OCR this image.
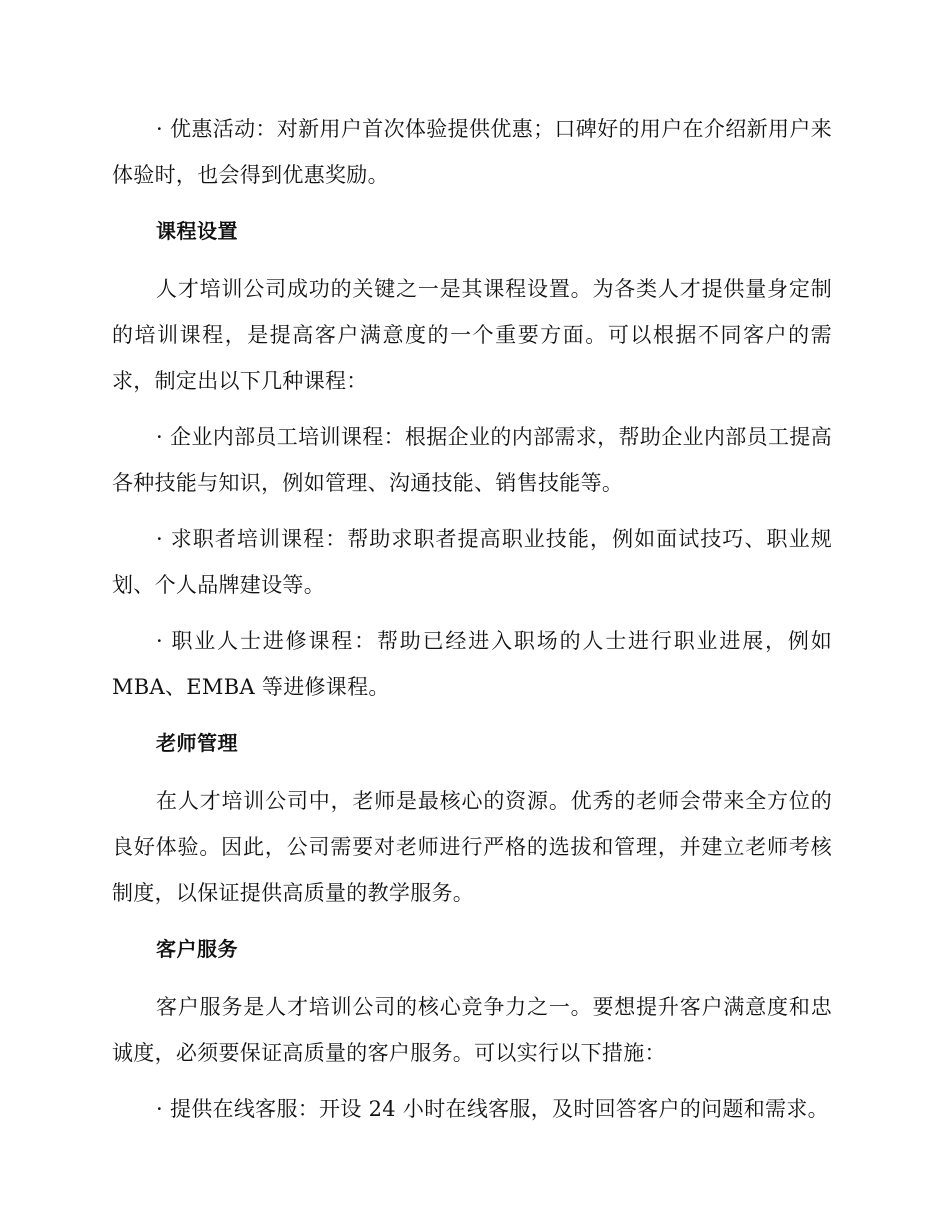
· 优惠活动：对新用户首次体验提供优惠；口碑好的用户在介绍新用户来体验时，也会得到优惠奖励。

课程设置

人才培训公司成功的关键之一是其课程设置。为各类人才提供量身定制的培训课程，是提高客户满意度的一个重要方面。可以根据不同客户的需求，制定出以下几种课程：

· 企业内部员工培训课程：根据企业的内部需求，帮助企业内部员工提高各种技能与知识，例如管理、沟通技能、销售技能等。

· 求职者培训课程：帮助求职者提高职业技能，例如面试技巧、职业规划、个人品牌建设等。

· 职业人士进修课程：帮助已经进入职场的人士进行职业进展，例如MBA、EMBA 等进修课程。

老师管理

在人才培训公司中，老师是最核心的资源。优秀的老师会带来全方位的良好体验。因此，公司需要对老师进行严格的选拔和管理，并建立老师考核制度，以保证提供高质量的教学服务。

客户服务

客户服务是人才培训公司的核心竞争力之一。要想提升客户满意度和忠诚度，必须要保证高质量的客户服务。可以实行以下措施：

· 提供在线客服：开设 24 小时在线客服，及时回答客户的问题和需求。
